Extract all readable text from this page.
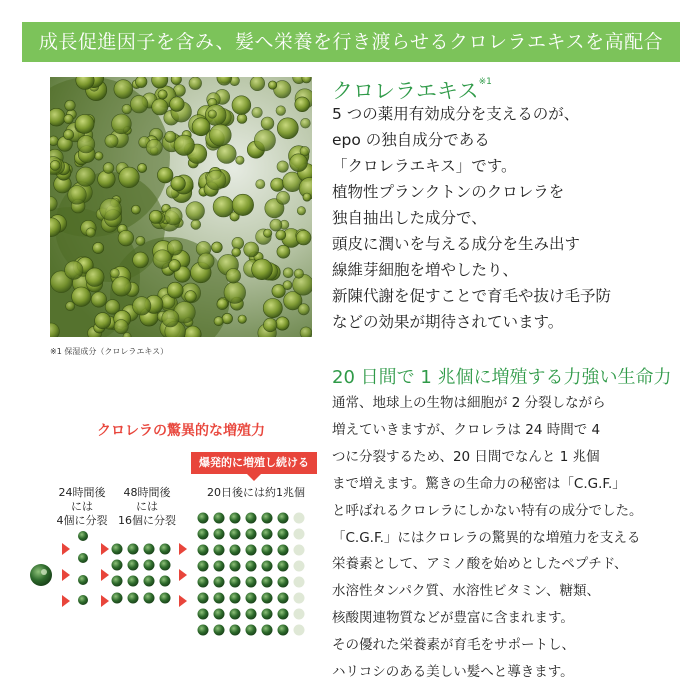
成長促進因子を含み、髪へ栄養を行き渡らせるクロレラエキスを高配合
※1 保湿成分（クロレラエキス）
クロレラエキス$^{※1}$
5 つの薬用有効成分を支えるのが、
epo の独自成分である
「クロレラエキス」です。
植物性プランクトンのクロレラを
独自抽出した成分で、
頭皮に潤いを与える成分を生み出す
線維芽細胞を増やしたり、
新陳代謝を促すことで育毛や抜け毛予防
などの効果が期待されています。
20 日間で 1 兆個に増殖する力強い生命力
通常、地球上の生物は細胞が 2 分裂しながら
増えていきますが、クロレラは 24 時間で 4
つに分裂するため、20 日間でなんと 1 兆個
まで増えます。驚きの生命力の秘密は「C.G.F.」
と呼ばれるクロレラにしかない特有の成分でした。
「C.G.F.」にはクロレラの驚異的な増殖力を支える
栄養素として、アミノ酸を始めとしたペプチド、
水溶性タンパク質、水溶性ビタミン、糖類、
核酸関連物質などが豊富に含まれます。
その優れた栄養素が育毛をサポートし、
ハリコシのある美しい髪へと導きます。
クロレラの驚異的な増殖力
爆発的に増殖し続ける
24時間後
には
4個に分裂
48時間後
には
16個に分裂
20日後には約1兆個
